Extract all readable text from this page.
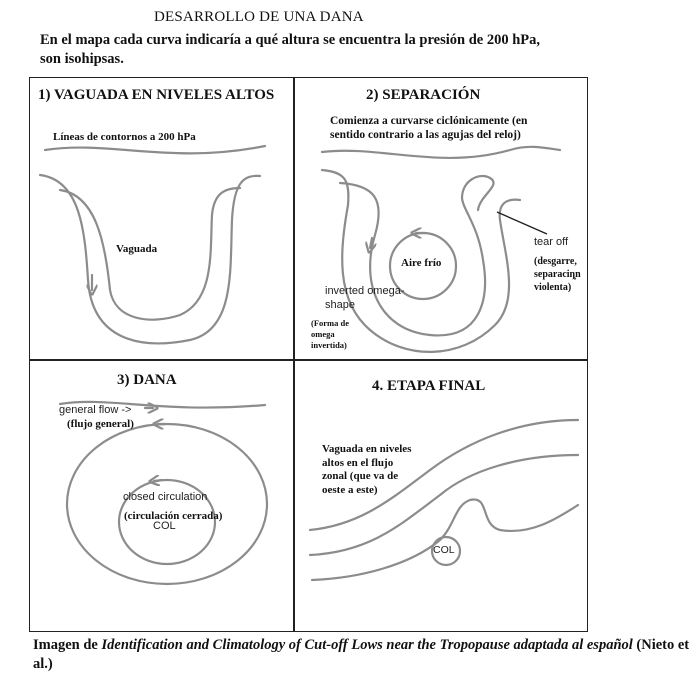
DESARROLLO DE UNA DANA
En el mapa cada curva indicaría a qué altura se encuentra la presión de 200 hPa, son isohipsas.
1) VAGUADA EN NIVELES ALTOS
Líneas de contornos a 200 hPa
Vaguada
2) SEPARACIÓN
Comienza a curvarse ciclónicamente (en sentido contrario a las agujas del reloj)
Aire frío
tear off
(desgarre, separaciȵn violenta)
inverted omega-shape
(Forma de omega invertida)
3) DANA
general flow ->
(flujo general)
closed circulation
(circulación cerrada)
COL
4. ETAPA FINAL
Vaguada en niveles altos en el flujo zonal (que va de oeste a este)
COL
Imagen de Identification and Climatology of Cut-off Lows near the Tropopause adaptada al español (Nieto et al.)
